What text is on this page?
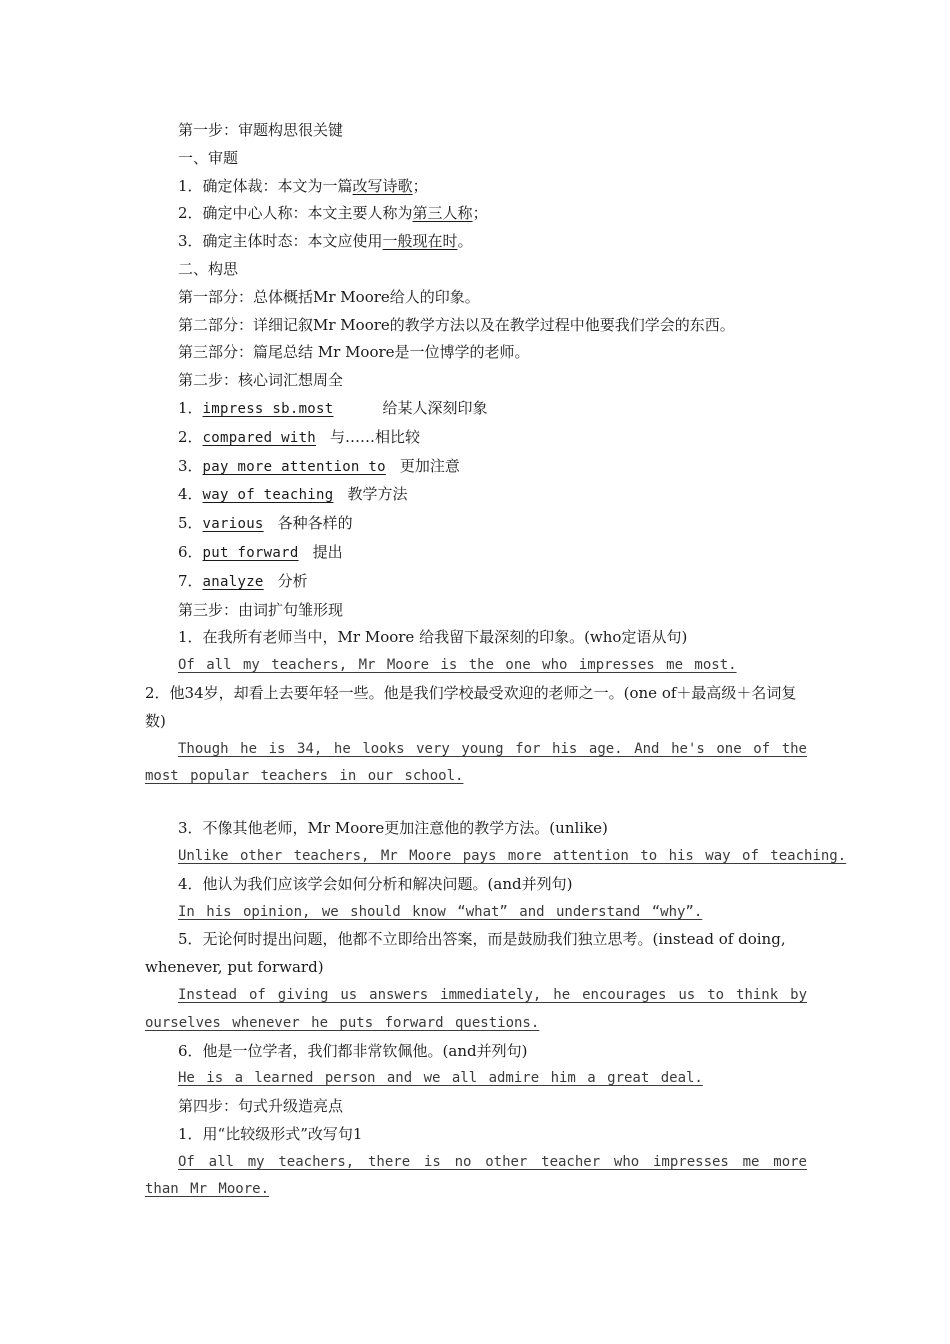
第一步：审题构思很关键
一、审题
1．确定体裁：本文为一篇改写诗歌；
2．确定中心人称：本文主要人称为第三人称；
3．确定主体时态：本文应使用一般现在时。
二、构思
第一部分：总体概括Mr Moore给人的印象。
第二部分：详细记叙Mr Moore的教学方法以及在教学过程中他要我们学会的东西。
第三部分：篇尾总结 Mr Moore是一位博学的老师。
第二步：核心词汇想周全
1．impress sb.most	给某人深刻印象
2．compared with 与……相比较
3．pay more attention to 更加注意
4．way of teaching 教学方法
5．various 各种各样的
6．put forward 提出
7．analyze 分析
第三步：由词扩句雏形现
1．在我所有老师当中，Mr Moore 给我留下最深刻的印象。(who定语从句)
Of all my teachers, Mr Moore is the one who impresses me most.
2．他34岁，却看上去要年轻一些。他是我们学校最受欢迎的老师之一。(one of＋最高级＋名词复数)
Though he is 34, he looks very young for his age. And he's one of the most popular teachers in our school.
3．不像其他老师，Mr Moore更加注意他的教学方法。(unlike)
Unlike other teachers, Mr Moore pays more attention to his way of teaching.
4．他认为我们应该学会如何分析和解决问题。(and并列句)
In his opinion, we should know “what” and understand “why”.
5．无论何时提出问题，他都不立即给出答案，而是鼓励我们独立思考。(instead of doing, whenever, put forward)
Instead of giving us answers immediately, he encourages us to think by ourselves whenever he puts forward questions.
6．他是一位学者，我们都非常钦佩他。(and并列句)
He is a learned person and we all admire him a great deal.
第四步：句式升级造亮点
1．用“比较级形式”改写句1
Of all my teachers, there is no other teacher who impresses me more than Mr Moore.
